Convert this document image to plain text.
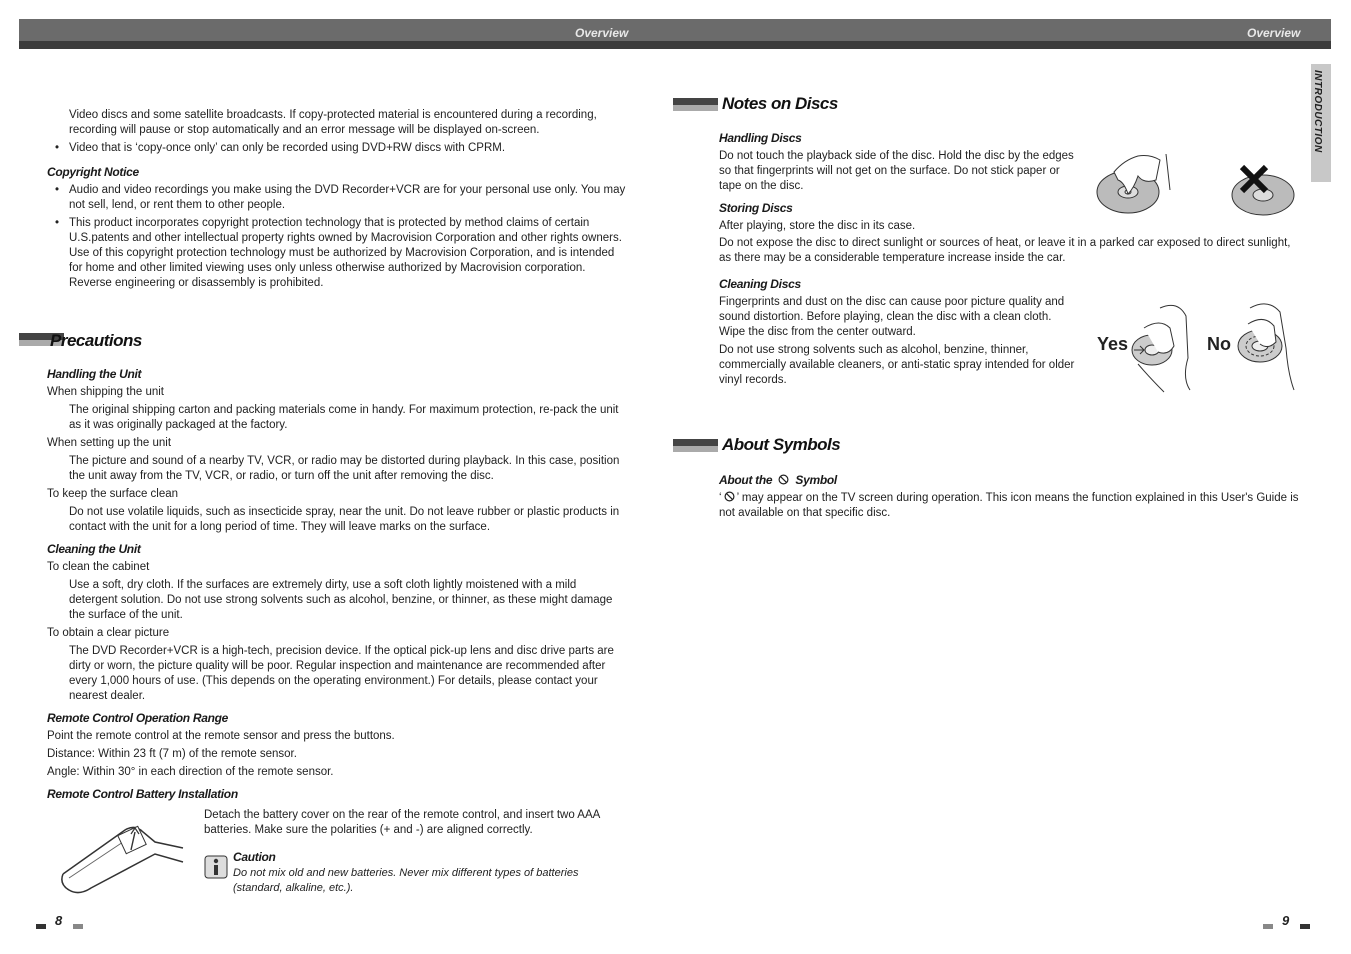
Overview	Overview
INTRODUCTION

Video discs and some satellite broadcasts. If copy-protected material is encountered during a recording, recording will pause or stop automatically and an error message will be displayed on-screen.

• Video that is ‘copy-once only’ can only be recorded using DVD+RW discs with CPRM.

Copyright Notice

• Audio and video recordings you make using the DVD Recorder+VCR are for your personal use only. You may not sell, lend, or rent them to other people.

• This product incorporates copyright protection technology that is protected by method claims of certain U.S.patents and other intellectual property rights owned by Macrovision Corporation and other rights owners. Use of this copyright protection technology must be authorized by Macrovision Corporation, and is intended for home and other limited viewing uses only unless otherwise authorized by Macrovision corporation. Reverse engineering or disassembly is prohibited.

Precautions

Handling the Unit

When shipping the unit

The original shipping carton and packing materials come in handy. For maximum protection, re-pack the unit as it was originally packaged at the factory.

When setting up the unit

The picture and sound of a nearby TV, VCR, or radio may be distorted during playback. In this case, position the unit away from the TV, VCR, or radio, or turn off the unit after removing the disc.

To keep the surface clean

Do not use volatile liquids, such as insecticide spray, near the unit. Do not leave rubber or plastic products in contact with the unit for a long period of time. They will leave marks on the surface.

Cleaning the Unit

To clean the cabinet

Use a soft, dry cloth. If the surfaces are extremely dirty, use a soft cloth lightly moistened with a mild detergent solution. Do not use strong solvents such as alcohol, benzine, or thinner, as these might damage the surface of the unit.

To obtain a clear picture

The DVD Recorder+VCR is a high-tech, precision device. If the optical pick-up lens and disc drive parts are dirty or worn, the picture quality will be poor. Regular inspection and maintenance are recommended after every 1,000 hours of use. (This depends on the operating environment.) For details, please contact your nearest dealer.

Remote Control Operation Range

Point the remote control at the remote sensor and press the buttons.

Distance: Within 23 ft (7 m) of the remote sensor.

Angle: Within 30° in each direction of the remote sensor.

Remote Control Battery Installation

Detach the battery cover on the rear of the remote control, and insert two AAA batteries. Make sure the polarities (+ and -) are aligned correctly.

Caution

Do not mix old and new batteries. Never mix different types of batteries (standard, alkaline, etc.).

8
Notes on Discs

Handling Discs

Do not touch the playback side of the disc. Hold the disc by the edges so that fingerprints will not get on the surface. Do not stick paper or tape on the disc.

Storing Discs

After playing, store the disc in its case.

Do not expose the disc to direct sunlight or sources of heat, or leave it in a parked car exposed to direct sunlight, as there may be a considerable temperature increase inside the car.

Cleaning Discs

Fingerprints and dust on the disc can cause poor picture quality and sound distortion. Before playing, clean the disc with a clean cloth. Wipe the disc from the center outward.

Do not use strong solvents such as alcohol, benzine, thinner, commercially available cleaners, or anti-static spray intended for older vinyl records.

Yes	No
About Symbols

About the Symbol

‘ ’ may appear on the TV screen during operation. This icon means the function explained in this User's Guide is not available on that specific disc.

9
